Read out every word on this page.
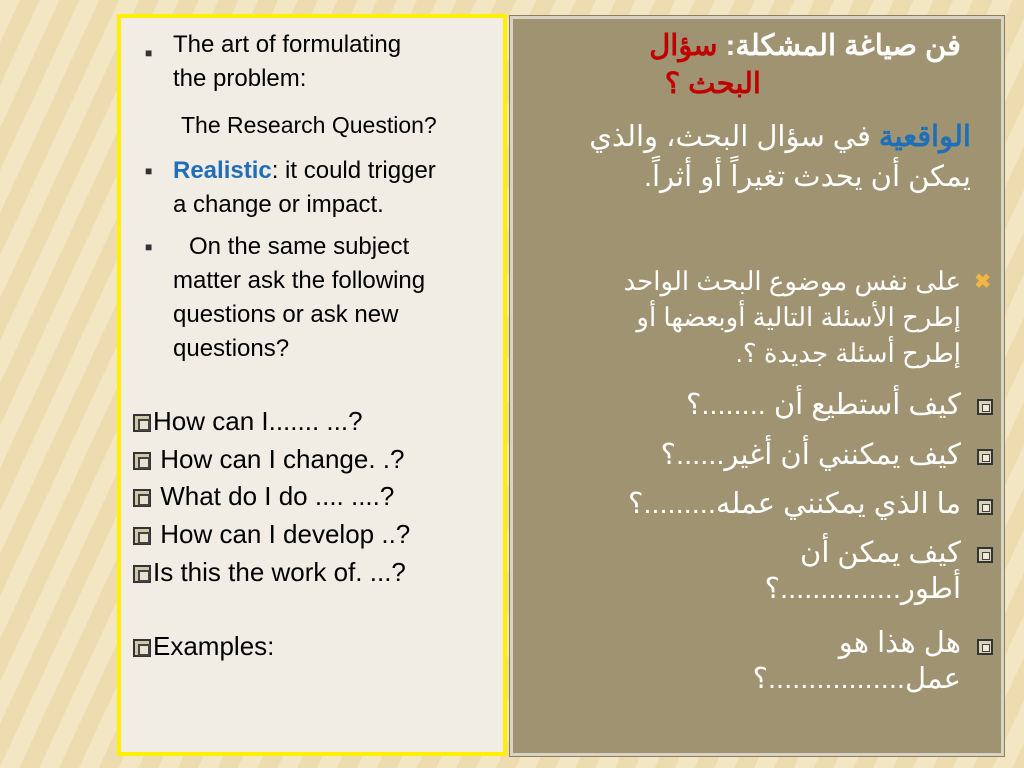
■ The art of formulating
the problem:
The Research Question?
■ Realistic: it could trigger
a change or impact.
■	On the same subject
matter ask the following
questions or ask new
questions?
How can I....... ...?
How can I change. .?
What do I do .... ....?
How can I develop ..?
Is this the work of. ...?
Examples:
فن صياغة المشكلة: سؤال
البحث ؟
الواقعية في سؤال البحث، والذي
يمكن أن يحدث تغيراً أو أثراً.
✖
على نفس موضوع البحث الواحد
إطرح الأسئلة التالية أوبعضها أو
إطرح أسئلة جديدة ؟.
كيف أستطيع أن ........؟
كيف يمكنني أن أغير......؟
ما الذي يمكنني عمله.........؟
كيف يمكن أن
أطور...............؟
هل هذا هو
عمل.................؟
